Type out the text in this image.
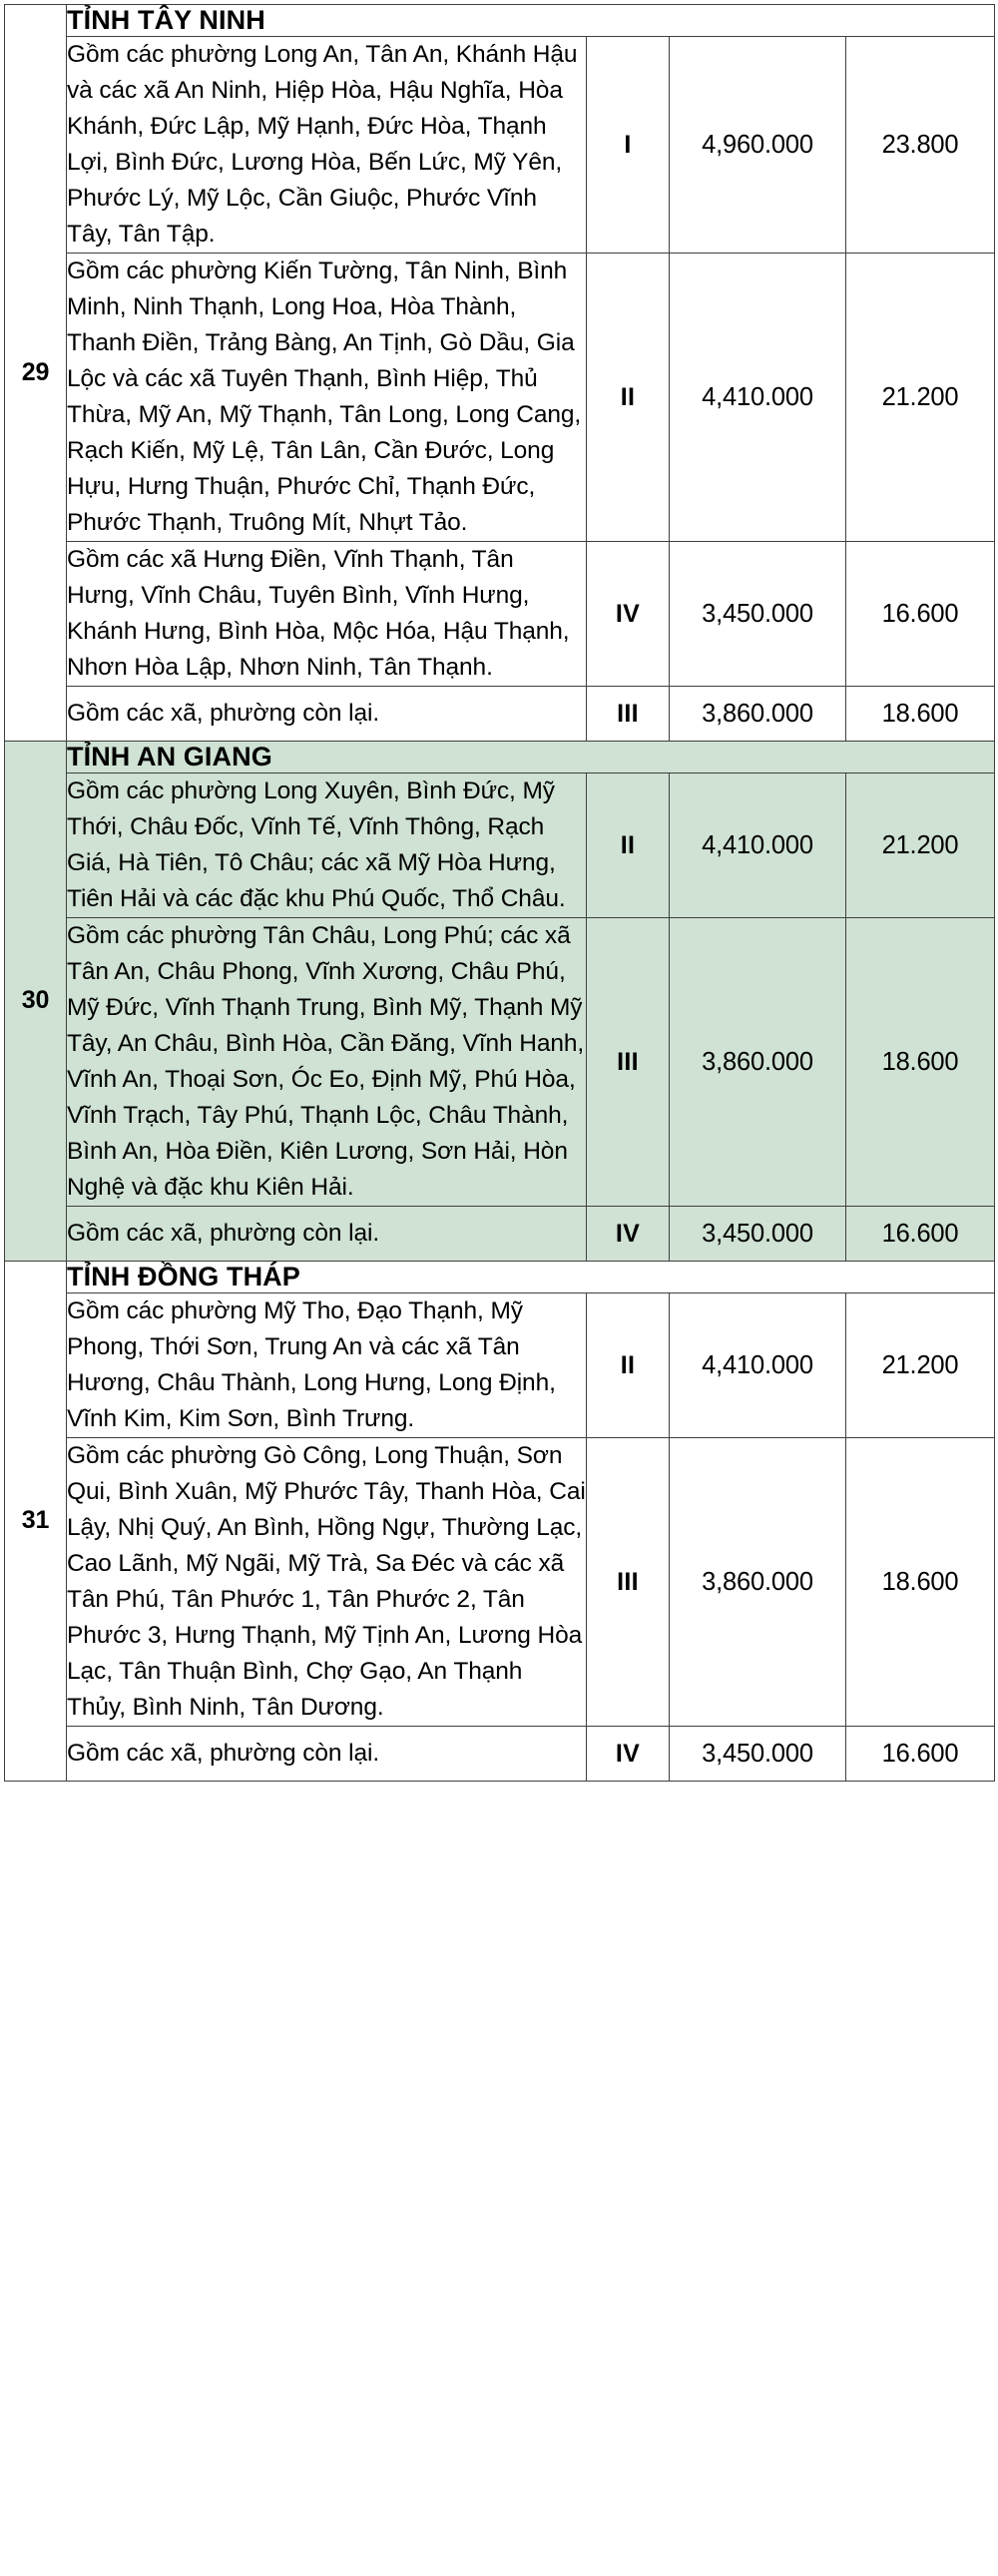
29	TỈNH TÂY NINH			
	Gồm các phường Long An, Tân An, Khánh Hậu và các xã An Ninh, Hiệp Hòa, Hậu Nghĩa, Hòa Khánh, Đức Lập, Mỹ Hạnh, Đức Hòa, Thạnh Lợi, Bình Đức, Lương Hòa, Bến Lức, Mỹ Yên, Phước Lý, Mỹ Lộc, Cần Giuộc, Phước Vĩnh Tây, Tân Tập.	I	4,960.000	23.800
	Gồm các phường Kiến Tường, Tân Ninh, Bình Minh, Ninh Thạnh, Long Hoa, Hòa Thành, Thanh Điền, Trảng Bàng, An Tịnh, Gò Dầu, Gia Lộc và các xã Tuyên Thạnh, Bình Hiệp, Thủ Thừa, Mỹ An, Mỹ Thạnh, Tân Long, Long Cang, Rạch Kiến, Mỹ Lệ, Tân Lân, Cần Đước, Long Hựu, Hưng Thuận, Phước Chỉ, Thạnh Đức, Phước Thạnh, Truông Mít, Nhựt Tảo.	II	4,410.000	21.200
	Gồm các xã Hưng Điền, Vĩnh Thạnh, Tân Hưng, Vĩnh Châu, Tuyên Bình, Vĩnh Hưng, Khánh Hưng, Bình Hòa, Mộc Hóa, Hậu Thạnh, Nhơn Hòa Lập, Nhơn Ninh, Tân Thạnh.	IV	3,450.000	16.600
	Gồm các xã, phường còn lại.	III	3,860.000	18.600
30	TỈNH AN GIANG			
	Gồm các phường Long Xuyên, Bình Đức, Mỹ Thới, Châu Đốc, Vĩnh Tế, Vĩnh Thông, Rạch Giá, Hà Tiên, Tô Châu; các xã Mỹ Hòa Hưng, Tiên Hải và các đặc khu Phú Quốc, Thổ Châu.	II	4,410.000	21.200
	Gồm các phường Tân Châu, Long Phú; các xã Tân An, Châu Phong, Vĩnh Xương, Châu Phú, Mỹ Đức, Vĩnh Thạnh Trung, Bình Mỹ, Thạnh Mỹ Tây, An Châu, Bình Hòa, Cần Đăng, Vĩnh Hanh, Vĩnh An, Thoại Sơn, Óc Eo, Định Mỹ, Phú Hòa, Vĩnh Trạch, Tây Phú, Thạnh Lộc, Châu Thành, Bình An, Hòa Điền, Kiên Lương, Sơn Hải, Hòn Nghệ và đặc khu Kiên Hải.	III	3,860.000	18.600
	Gồm các xã, phường còn lại.	IV	3,450.000	16.600
31	TỈNH ĐỒNG THÁP			
	Gồm các phường Mỹ Tho, Đạo Thạnh, Mỹ Phong, Thới Sơn, Trung An và các xã Tân Hương, Châu Thành, Long Hưng, Long Định, Vĩnh Kim, Kim Sơn, Bình Trưng.	II	4,410.000	21.200
	Gồm các phường Gò Công, Long Thuận, Sơn Qui, Bình Xuân, Mỹ Phước Tây, Thanh Hòa, Cai Lậy, Nhị Quý, An Bình, Hồng Ngự, Thường Lạc, Cao Lãnh, Mỹ Ngãi, Mỹ Trà, Sa Đéc và các xã Tân Phú, Tân Phước 1, Tân Phước 2, Tân Phước 3, Hưng Thạnh, Mỹ Tịnh An, Lương Hòa Lạc, Tân Thuận Bình, Chợ Gạo, An Thạnh Thủy, Bình Ninh, Tân Dương.	III	3,860.000	18.600
	Gồm các xã, phường còn lại.	IV	3,450.000	16.600
